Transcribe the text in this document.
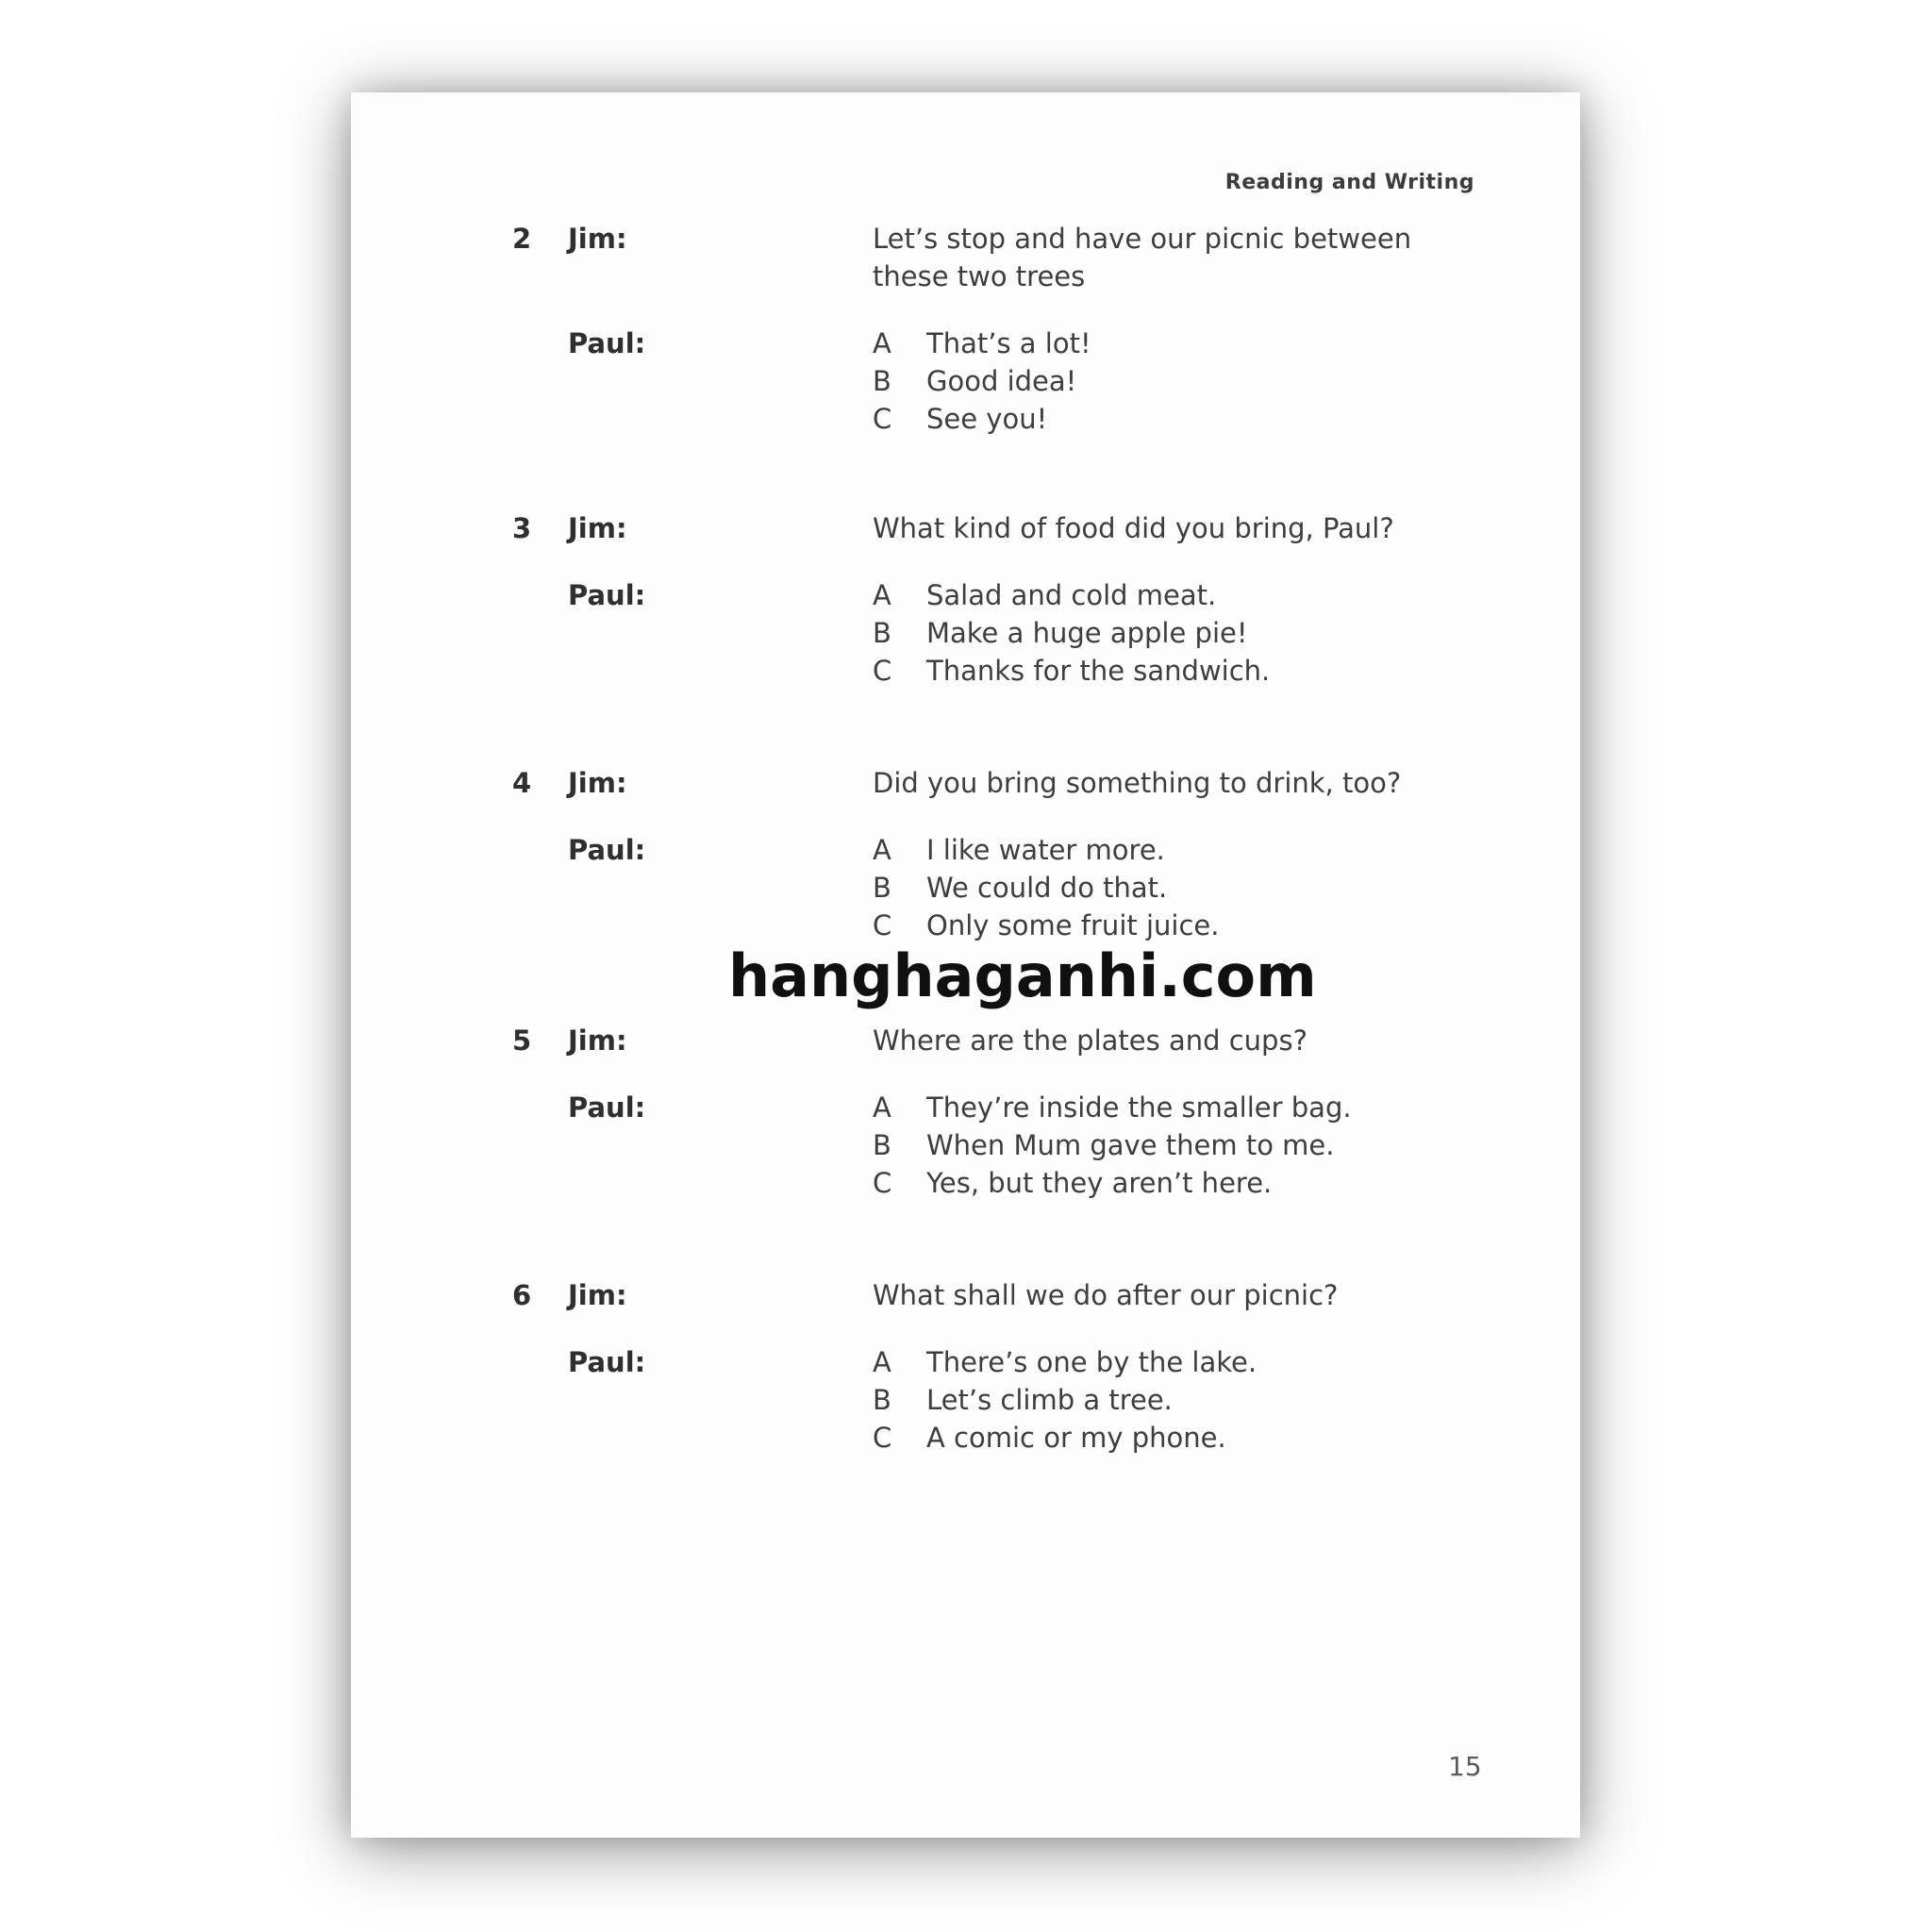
Reading and Writing
2	Jim:	Let’s stop and have our picnic between
these two trees
Paul:	A	That’s a lot!
B	Good idea!
C	See you!
3	Jim:	What kind of food did you bring, Paul?
Paul:	A	Salad and cold meat.
B	Make a huge apple pie!
C	Thanks for the sandwich.
4	Jim:	Did you bring something to drink, too?
Paul:	A	I like water more.
B	We could do that.
C	Only some fruit juice.
5	Jim:	Where are the plates and cups?
Paul:	A	They’re inside the smaller bag.
B	When Mum gave them to me.
C	Yes, but they aren’t here.
6	Jim:	What shall we do after our picnic?
Paul:	A	There’s one by the lake.
B	Let’s climb a tree.
C	A comic or my phone.
hanghaganhi.com
15
